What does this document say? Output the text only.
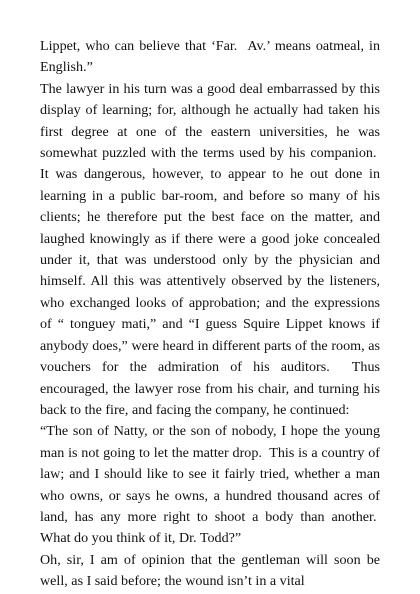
Lippet, who can believe that ‘Far.  Av.’ means oatmeal, in English.”

The lawyer in his turn was a good deal embarrassed by this display of learning; for, although he actually had taken his first degree at one of the eastern universities, he was somewhat puzzled with the terms used by his companion.  It was dangerous, however, to appear to he out done in learning in a public bar-room, and before so many of his clients; he therefore put the best face on the matter, and laughed knowingly as if there were a good joke concealed under it, that was understood only by the physician and himself. All this was attentively observed by the listeners, who exchanged looks of approbation; and the expressions of “ tonguey mati,” and “I guess Squire Lippet knows if anybody does,” were heard in different parts of the room, as vouchers for the admiration of his auditors.  Thus encouraged, the lawyer rose from his chair, and turning his back to the fire, and facing the company, he continued:

“The son of Natty, or the son of nobody, I hope the young man is not going to let the matter drop.  This is a country of law; and I should like to see it fairly tried, whether a man who owns, or says he owns, a hundred thousand acres of land, has any more right to shoot a body than another.  What do you think of it, Dr. Todd?”

Oh, sir, I am of opinion that the gentleman will soon be well, as I said before; the wound isn’t in a vital
